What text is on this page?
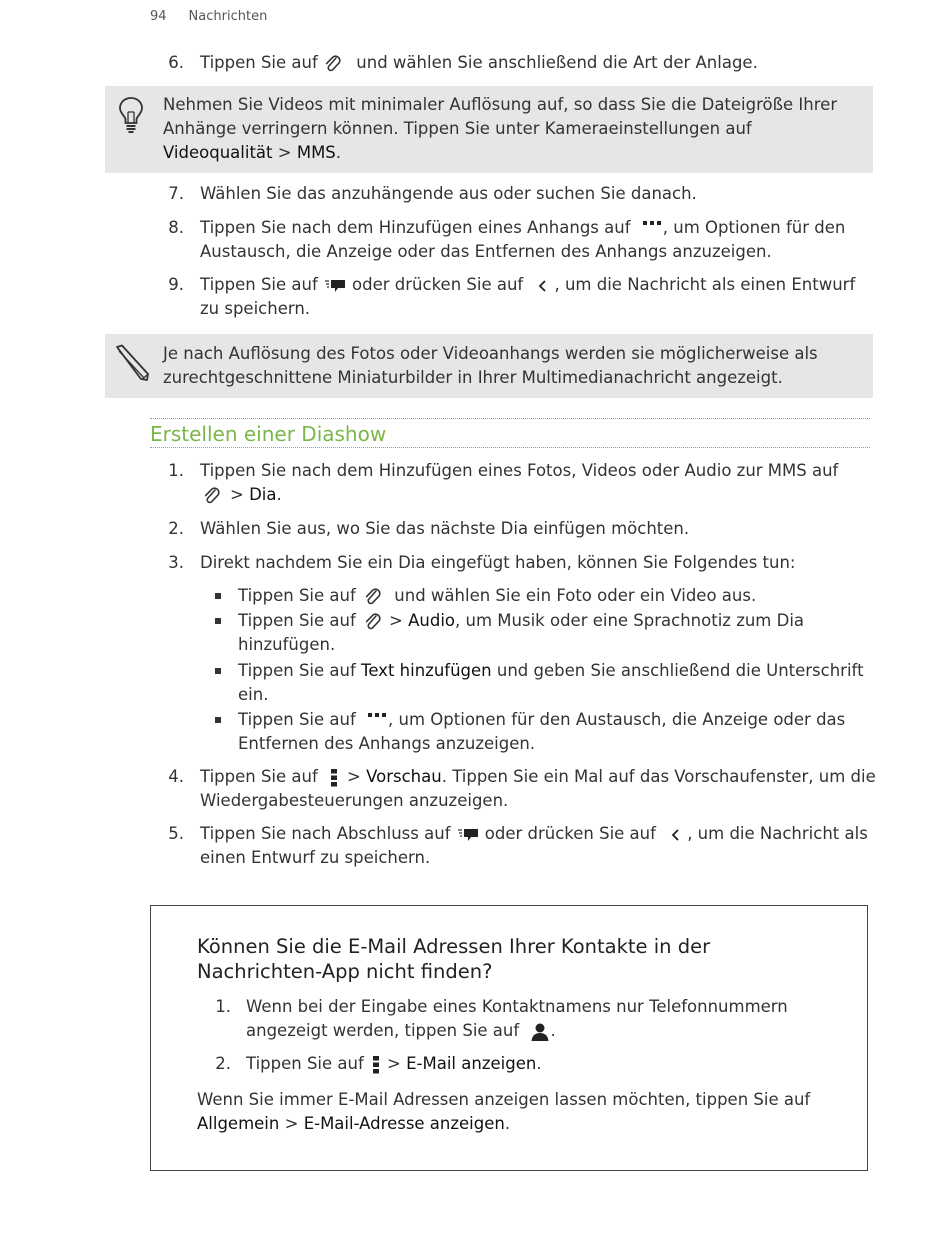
94 Nachrichten
6. Tippen Sie auf  und wählen Sie anschließend die Art der Anlage.
Nehmen Sie Videos mit minimaler Auflösung auf, so dass Sie die Dateigröße Ihrer
Anhänge verringern können. Tippen Sie unter Kameraeinstellungen auf
Videoqualität > MMS.
7. Wählen Sie das anzuhängende aus oder suchen Sie danach.
8. Tippen Sie nach dem Hinzufügen eines Anhangs auf , um Optionen für den
Austausch, die Anzeige oder das Entfernen des Anhangs anzuzeigen.
9. Tippen Sie auf oder drücken Sie auf , um die Nachricht als einen Entwurf
zu speichern.
Je nach Auflösung des Fotos oder Videoanhangs werden sie möglicherweise als
zurechtgeschnittene Miniaturbilder in Ihrer Multimedianachricht angezeigt.
Erstellen einer Diashow
1. Tippen Sie nach dem Hinzufügen eines Fotos, Videos oder Audio zur MMS auf
> Dia.
2. Wählen Sie aus, wo Sie das nächste Dia einfügen möchten.
3. Direkt nachdem Sie ein Dia eingefügt haben, können Sie Folgendes tun:
Tippen Sie auf und wählen Sie ein Foto oder ein Video aus.
Tippen Sie auf > Audio, um Musik oder eine Sprachnotiz zum Dia
hinzufügen.
Tippen Sie auf Text hinzufügen und geben Sie anschließend die Unterschrift
ein.
Tippen Sie auf , um Optionen für den Austausch, die Anzeige oder das
Entfernen des Anhangs anzuzeigen.
4. Tippen Sie auf > Vorschau. Tippen Sie ein Mal auf das Vorschaufenster, um die
Wiedergabesteuerungen anzuzeigen.
5. Tippen Sie nach Abschluss auf oder drücken Sie auf , um die Nachricht als
einen Entwurf zu speichern.
Können Sie die E-Mail Adressen Ihrer Kontakte in der
Nachrichten-App nicht finden?
1. Wenn bei der Eingabe eines Kontaktnamens nur Telefonnummern
angezeigt werden, tippen Sie auf .
2. Tippen Sie auf > E-Mail anzeigen.
Wenn Sie immer E-Mail Adressen anzeigen lassen möchten, tippen Sie auf
Allgemein > E-Mail-Adresse anzeigen.
